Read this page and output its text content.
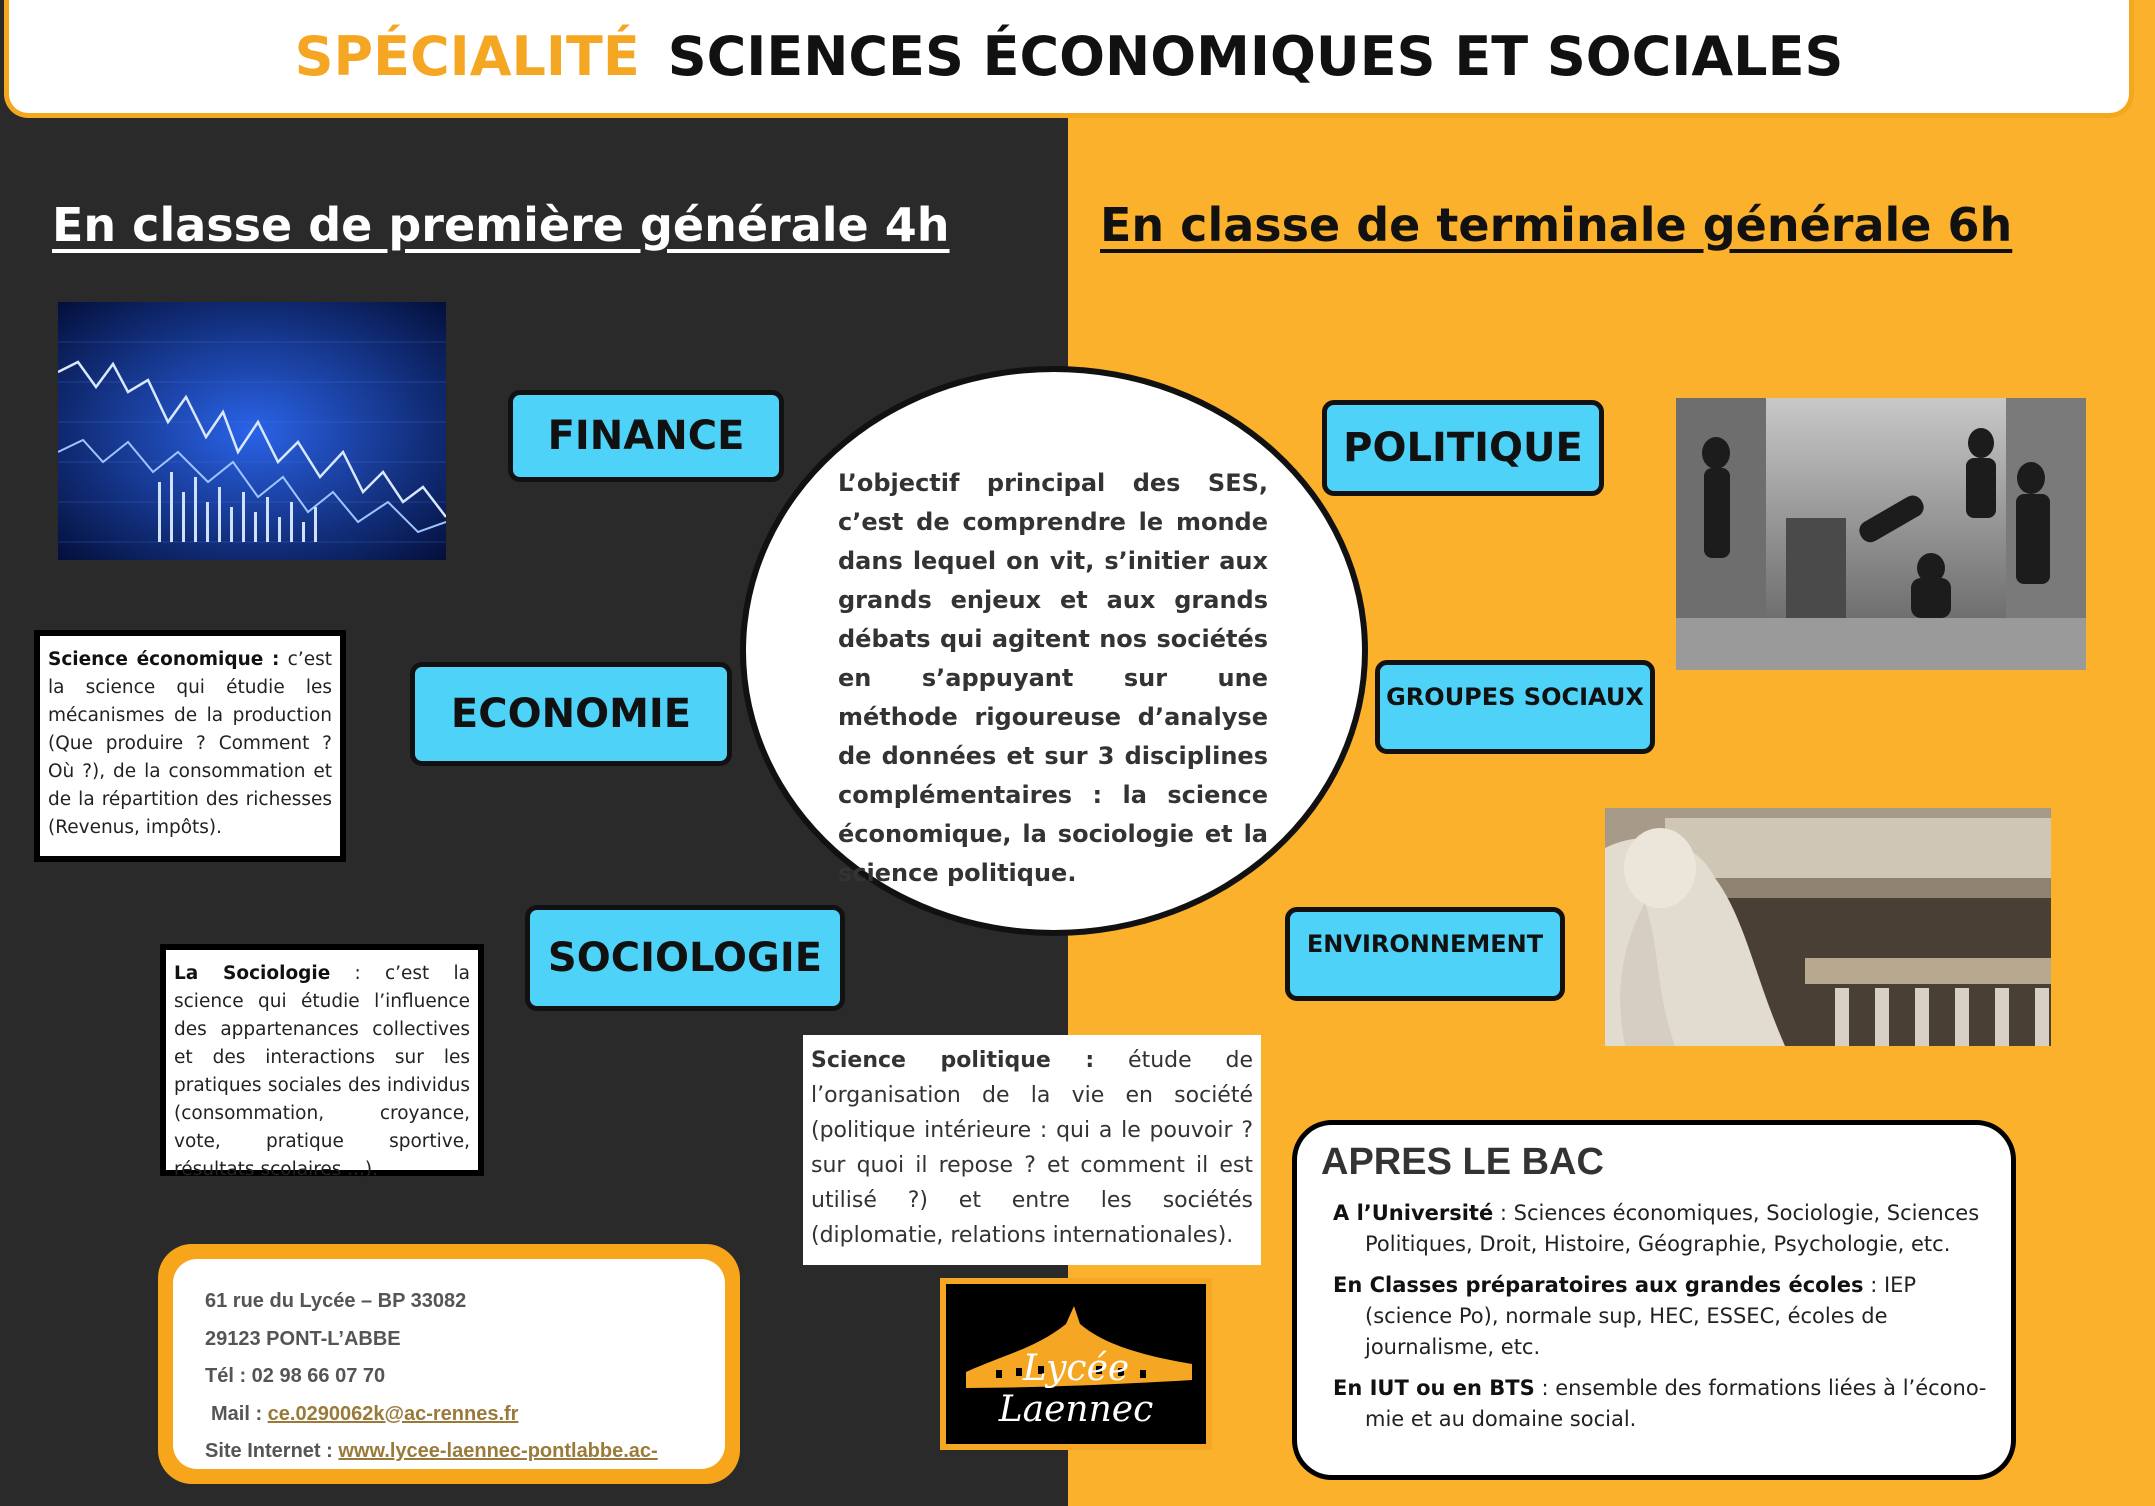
SPÉCIALITÉ SCIENCES ÉCONOMIQUES ET SOCIALES
En classe de première générale 4h	En classe de terminale générale 6h
FINANCE
ECONOMIE
SOCIOLOGIE
POLITIQUE
GROUPES SOCIAUX
ENVIRONNEMENT
Science économique : c’est la science qui étudie les mécanismes de la production (Que produire ? Comment ? Où ?), de la consommation et de la répartition des richesses (Revenus, impôts).
La Sociologie : c’est la science qui étudie l’influence des appartenances collectives et des interactions sur les pratiques sociales des individus (consommation, croyance, vote, pratique sportive, résultats scolaires ...).
L’objectif principal des SES, c’est de comprendre le monde dans lequel on vit, s’initier aux grands enjeux et aux grands débats qui agitent nos sociétés en s’appuyant sur une méthode rigoureuse d’analyse de données et sur 3 disciplines complémentaires : la science économique, la sociologie et la science politique.
Science politique : étude de l’organisation de la vie en société (politique intérieure : qui a le pouvoir ? sur quoi il repose ? et comment il est utilisé ?) et entre les sociétés (diplomatie, relations internationales).
61 rue du Lycée – BP 33082
29123 PONT-L’ABBE
Tél : 02 98 66 07 70
Mail : ce.0290062k@ac-rennes.fr
Site Internet : www.lycee-laennec-pontlabbe.ac-
Lycée Laennec
APRES LE BAC

A l’Université : Sciences économiques, Sociologie, Sciences Politiques, Droit, Histoire, Géographie, Psychologie, etc.

En Classes préparatoires aux grandes écoles : IEP (science Po), normale sup, HEC, ESSEC, écoles de journalisme, etc.

En IUT ou en BTS : ensemble des formations liées à l’économie et au domaine social.
